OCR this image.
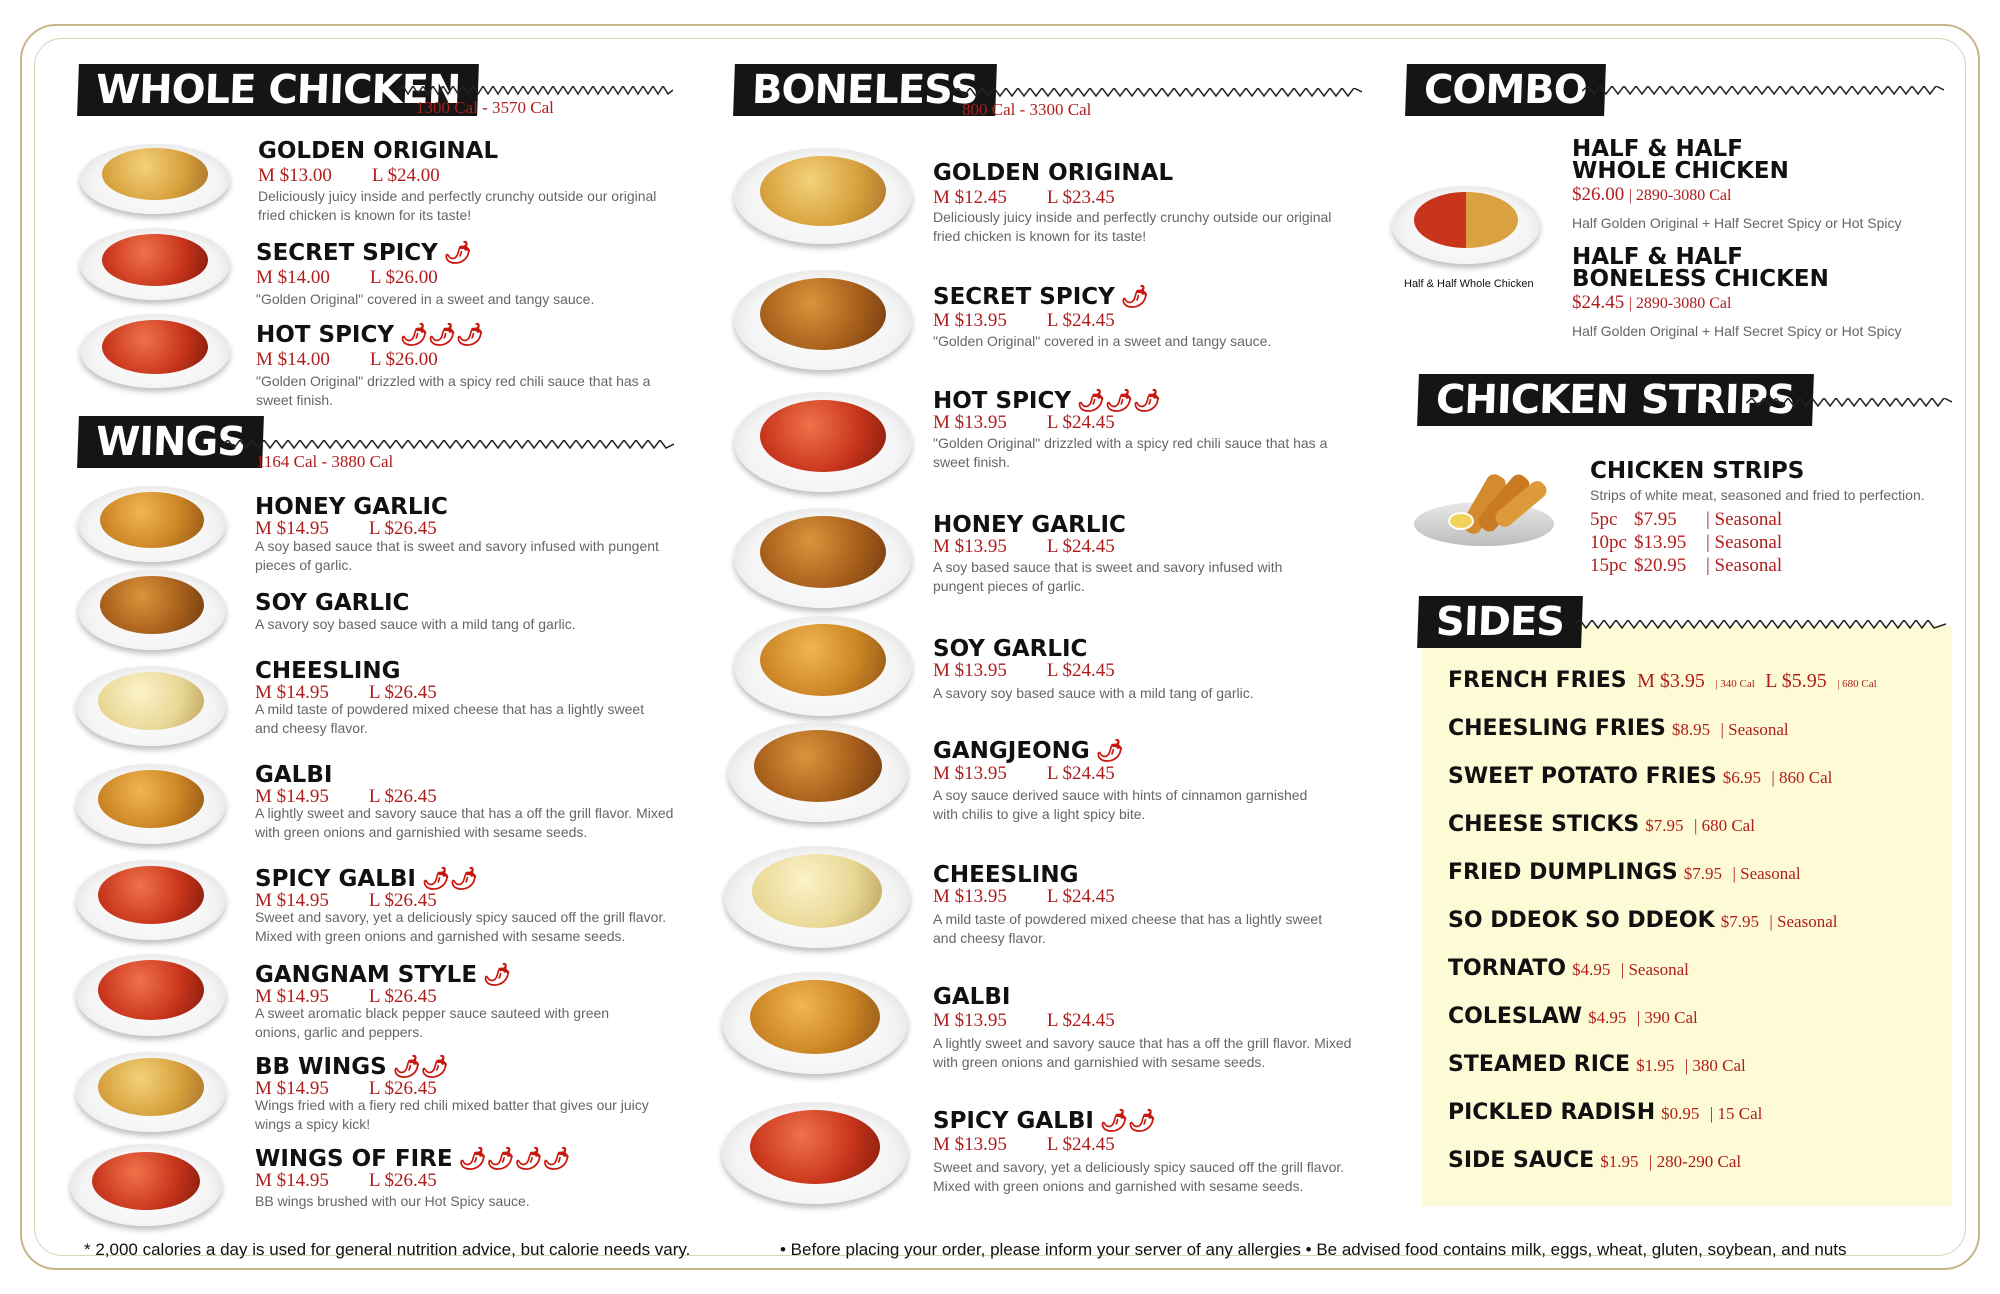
WHOLE CHICKEN
1300 Cal - 3570 Cal
GOLDEN ORIGINAL
M $13.00 L $24.00
Deliciously juicy inside and perfectly crunchy outside our original fried chicken is known for its taste!
SECRET SPICY 🌶
M $14.00 L $26.00
"Golden Original" covered in a sweet and tangy sauce.
HOT SPICY 🌶🌶🌶
M $14.00 L $26.00
"Golden Original" drizzled with a spicy red chili sauce that has a sweet finish.
WINGS 1164 Cal - 3880 Cal
HONEY GARLIC
M $14.95 L $26.45
A soy based sauce that is sweet and savory infused with pungent pieces of garlic.
SOY GARLIC
A savory soy based sauce with a mild tang of garlic.
CHEESLING
M $14.95 L $26.45
A mild taste of powdered mixed cheese that has a lightly sweet and cheesy flavor.
GALBI
M $14.95 L $26.45
A lightly sweet and savory sauce that has a off the grill flavor. Mixed with green onions and garnishied with sesame seeds.
SPICY GALBI 🌶🌶
M $14.95 L $26.45
Sweet and savory, yet a deliciously spicy sauced off the grill flavor. Mixed with green onions and garnished with sesame seeds.
GANGNAM STYLE 🌶
M $14.95 L $26.45
A sweet aromatic black pepper sauce sauteed with green onions, garlic and peppers.
BB WINGS 🌶🌶
M $14.95 L $26.45
Wings fried with a fiery red chili mixed batter that gives our juicy wings a spicy kick!
WINGS OF FIRE 🌶🌶🌶🌶
M $14.95 L $26.45
BB wings brushed with our Hot Spicy sauce.
BONELESS
800 Cal - 3300 Cal
GOLDEN ORIGINAL
M $12.45 L $23.45
Deliciously juicy inside and perfectly crunchy outside our original fried chicken is known for its taste!
SECRET SPICY 🌶
M $13.95 L $24.45
"Golden Original" covered in a sweet and tangy sauce.
HOT SPICY 🌶🌶🌶
M $13.95 L $24.45
"Golden Original" drizzled with a spicy red chili sauce that has a sweet finish.
HONEY GARLIC
M $13.95 L $24.45
A soy based sauce that is sweet and savory infused with pungent pieces of garlic.
SOY GARLIC
M $13.95 L $24.45
A savory soy based sauce with a mild tang of garlic.
GANGJEONG 🌶
M $13.95 L $24.45
A soy sauce derived sauce with hints of cinnamon garnished with chilis to give a light spicy bite.
CHEESLING
M $13.95 L $24.45
A mild taste of powdered mixed cheese that has a lightly sweet and cheesy flavor.
GALBI
M $13.95 L $24.45
A lightly sweet and savory sauce that has a off the grill flavor. Mixed with green onions and garnishied with sesame seeds.
SPICY GALBI 🌶🌶
M $13.95 L $24.45
Sweet and savory, yet a deliciously spicy sauced off the grill flavor. Mixed with green onions and garnished with sesame seeds.
COMBO
Half & Half Whole Chicken
HALF & HALF
WHOLE CHICKEN
$26.00 | 2890-3080 Cal
Half Golden Original + Half Secret Spicy or Hot Spicy
HALF & HALF
BONELESS CHICKEN
$24.45 | 2890-3080 Cal
Half Golden Original + Half Secret Spicy or Hot Spicy
CHICKEN STRIPS
CHICKEN STRIPS
Strips of white meat, seasoned and fried to perfection.
5pc $7.95 | Seasonal
10pc $13.95 | Seasonal
15pc $20.95 | Seasonal
SIDES
FRENCH FRIES M $3.95 | 340 Cal L $5.95 | 680 Cal
CHEESLING FRIES $8.95 | Seasonal
SWEET POTATO FRIES $6.95 | 860 Cal
CHEESE STICKS $7.95 | 680 Cal
FRIED DUMPLINGS $7.95 | Seasonal
SO DDEOK SO DDEOK $7.95 | Seasonal
TORNATO $4.95 | Seasonal
COLESLAW $4.95 | 390 Cal
STEAMED RICE $1.95 | 380 Cal
PICKLED RADISH $0.95 | 15 Cal
SIDE SAUCE $1.95 | 280-290 Cal
* 2,000 calories a day is used for general nutrition advice, but calorie needs vary.	• Before placing your order, please inform your server of any allergies • Be advised food contains milk, eggs, wheat, gluten, soybean, and nuts
